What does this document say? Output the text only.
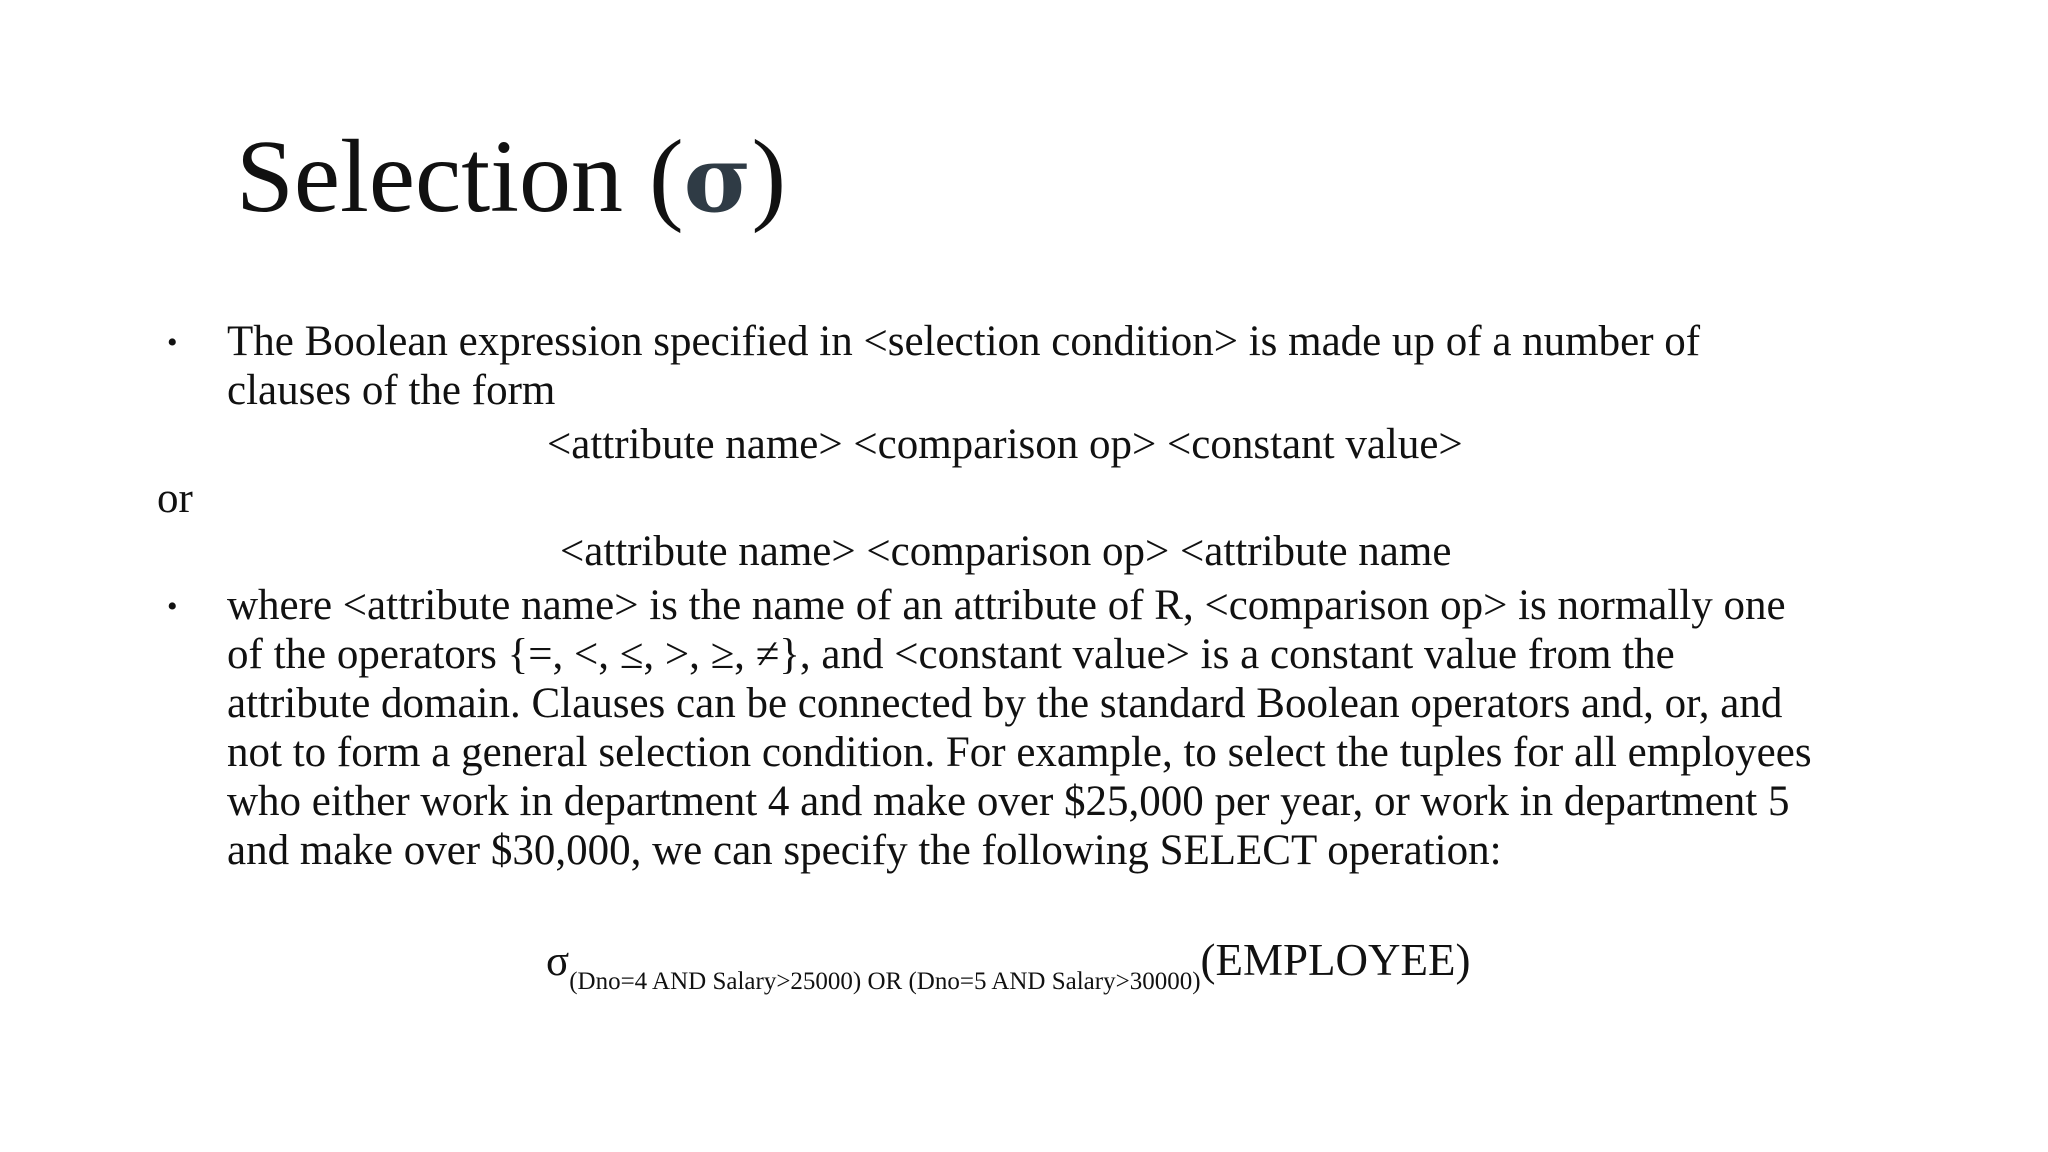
Selection (σ)
• The Boolean expression specified in <selection condition> is made up of a number of
clauses of the form
<attribute name> <comparison op> <constant value>
or
<attribute name> <comparison op> <attribute name
• where <attribute name> is the name of an attribute of R, <comparison op> is normally one
of the operators {=, <, ≤, >, ≥, ≠}, and <constant value> is a constant value from the
attribute domain. Clauses can be connected by the standard Boolean operators and, or, and
not to form a general selection condition. For example, to select the tuples for all employees
who either work in department 4 and make over $25,000 per year, or work in department 5
and make over $30,000, we can specify the following SELECT operation:
$\sigma_{(Dno=4 AND Salary>25000) OR (Dno=5 AND Salary>30000)}(EMPLOYEE)$
